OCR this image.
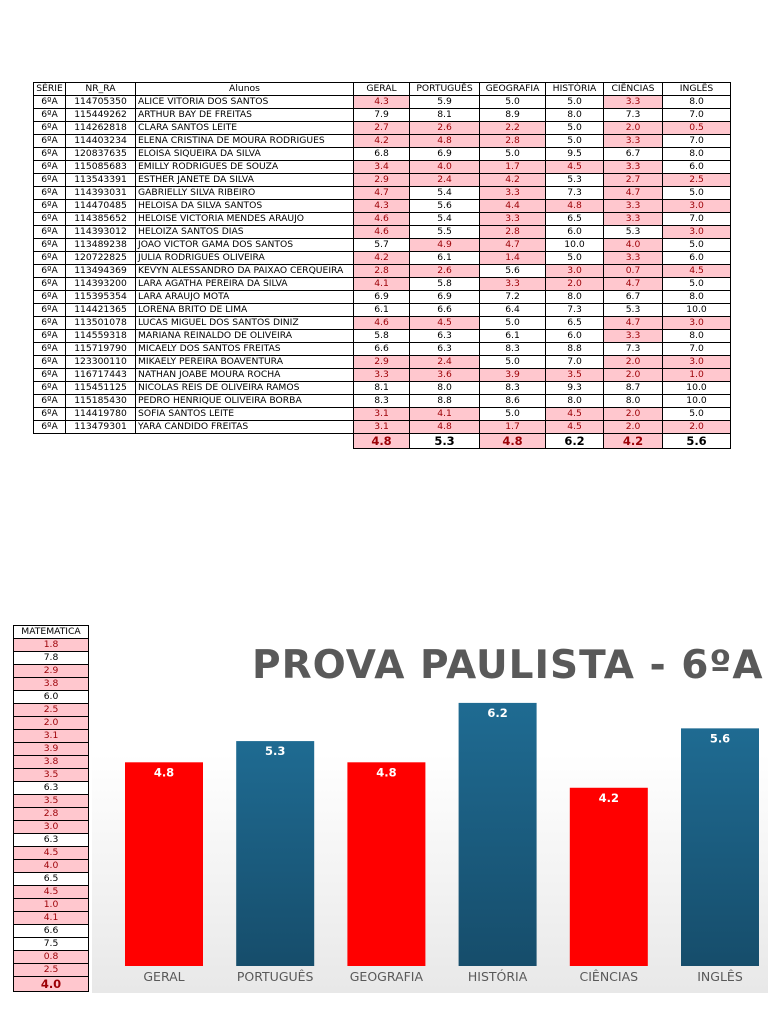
SÉRIE	NR_RA	Alunos	GERAL	PORTUGUÊS	GEOGRAFIA	HISTÓRIA	CIÊNCIAS	INGLÊS
6ºA	114705350	ALICE VITORIA DOS SANTOS	4.3	5.9	5.0	5.0	3.3	8.0
6ºA	115449262	ARTHUR BAY DE FREITAS	7.9	8.1	8.9	8.0	7.3	7.0
6ºA	114262818	CLARA SANTOS LEITE	2.7	2.6	2.2	5.0	2.0	0.5
6ºA	114403234	ELENA CRISTINA DE MOURA RODRIGUES	4.2	4.8	2.8	5.0	3.3	7.0
6ºA	120837635	ELOISA SIQUEIRA DA SILVA	6.8	6.9	5.0	9.5	6.7	8.0
6ºA	115085683	EMILLY RODRIGUES DE SOUZA	3.4	4.0	1.7	4.5	3.3	6.0
6ºA	113543391	ESTHER JANETE DA SILVA	2.9	2.4	4.2	5.3	2.7	2.5
6ºA	114393031	GABRIELLY SILVA RIBEIRO	4.7	5.4	3.3	7.3	4.7	5.0
6ºA	114470485	HELOISA DA SILVA SANTOS	4.3	5.6	4.4	4.8	3.3	3.0
6ºA	114385652	HELOISE VICTORIA MENDES ARAUJO	4.6	5.4	3.3	6.5	3.3	7.0
6ºA	114393012	HELOIZA SANTOS DIAS	4.6	5.5	2.8	6.0	5.3	3.0
6ºA	113489238	JOAO VICTOR GAMA DOS SANTOS	5.7	4.9	4.7	10.0	4.0	5.0
6ºA	120722825	JULIA RODRIGUES OLIVEIRA	4.2	6.1	1.4	5.0	3.3	6.0
6ºA	113494369	KEVYN ALESSANDRO DA PAIXAO CERQUEIRA	2.8	2.6	5.6	3.0	0.7	4.5
6ºA	114393200	LARA AGATHA PEREIRA DA SILVA	4.1	5.8	3.3	2.0	4.7	5.0
6ºA	115395354	LARA ARAUJO MOTA	6.9	6.9	7.2	8.0	6.7	8.0
6ºA	114421365	LORENA BRITO DE LIMA	6.1	6.6	6.4	7.3	5.3	10.0
6ºA	113501078	LUCAS MIGUEL DOS SANTOS DINIZ	4.6	4.5	5.0	6.5	4.7	3.0
6ºA	114559318	MARIANA REINALDO DE OLIVEIRA	5.8	6.3	6.1	6.0	3.3	8.0
6ºA	115719790	MICAELY DOS SANTOS FREITAS	6.6	6.3	8.3	8.8	7.3	7.0
6ºA	123300110	MIKAELY PEREIRA BOAVENTURA	2.9	2.4	5.0	7.0	2.0	3.0
6ºA	116717443	NATHAN JOABE MOURA ROCHA	3.3	3.6	3.9	3.5	2.0	1.0
6ºA	115451125	NICOLAS REIS DE OLIVEIRA RAMOS	8.1	8.0	8.3	9.3	8.7	10.0
6ºA	115185430	PEDRO HENRIQUE OLIVEIRA BORBA	8.3	8.8	8.6	8.0	8.0	10.0
6ºA	114419780	SOFIA SANTOS LEITE	3.1	4.1	5.0	4.5	2.0	5.0
6ºA	113479301	YARA CANDIDO FREITAS	3.1	4.8	1.7	4.5	2.0	2.0
			4.8	5.3	4.8	6.2	4.2	5.6
MATEMATICA
1.8
7.8
2.9
3.8
6.0
2.5
2.0
3.1
3.9
3.8
3.5
6.3
3.5
2.8
3.0
6.3
4.5
4.0
6.5
4.5
1.0
4.1
6.6
7.5
0.8
2.5
4.0
PROVA PAULISTA - 6ºA
4.8
GERAL
5.3
PORTUGUÊS
4.8
GEOGRAFIA
6.2
HISTÓRIA
4.2
CIÊNCIAS
5.6
INGLÊS
